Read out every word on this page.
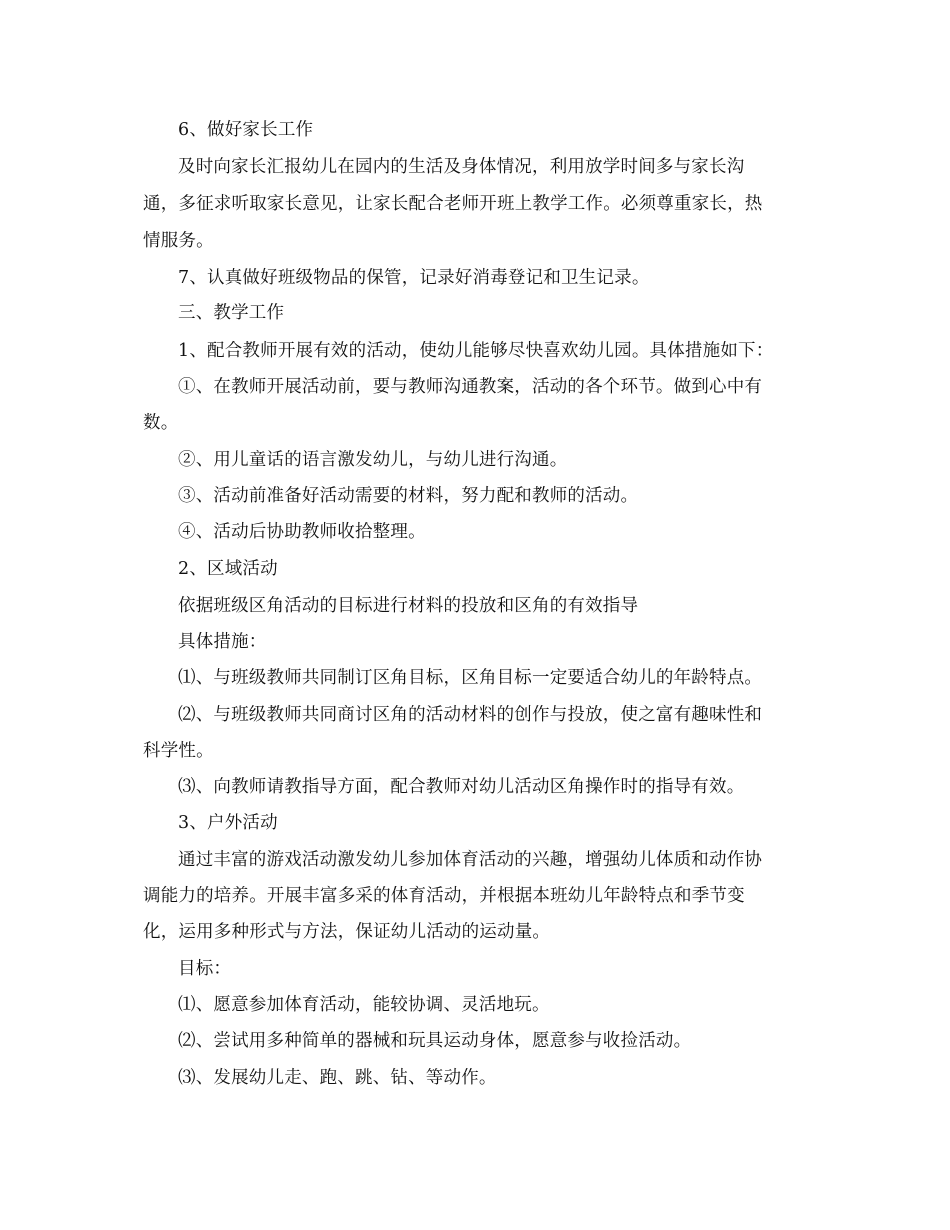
6、做好家长工作
及时向家长汇报幼儿在园内的生活及身体情况，利用放学时间多与家长沟
通，多征求听取家长意见，让家长配合老师开班上教学工作。必须尊重家长，热
情服务。
7、认真做好班级物品的保管，记录好消毒登记和卫生记录。
三、教学工作
1、配合教师开展有效的活动，使幼儿能够尽快喜欢幼儿园。具体措施如下：
①、在教师开展活动前，要与教师沟通教案，活动的各个环节。做到心中有
数。
②、用儿童话的语言激发幼儿，与幼儿进行沟通。
③、活动前准备好活动需要的材料，努力配和教师的活动。
④、活动后协助教师收拾整理。
2、区域活动
依据班级区角活动的目标进行材料的投放和区角的有效指导
具体措施：
⑴、与班级教师共同制订区角目标，区角目标一定要适合幼儿的年龄特点。
⑵、与班级教师共同商讨区角的活动材料的创作与投放，使之富有趣味性和
科学性。
⑶、向教师请教指导方面，配合教师对幼儿活动区角操作时的指导有效。
3、户外活动
通过丰富的游戏活动激发幼儿参加体育活动的兴趣，增强幼儿体质和动作协
调能力的培养。开展丰富多采的体育活动，并根据本班幼儿年龄特点和季节变
化，运用多种形式与方法，保证幼儿活动的运动量。
目标：
⑴、愿意参加体育活动，能较协调、灵活地玩。
⑵、尝试用多种简单的器械和玩具运动身体，愿意参与收捡活动。
⑶、发展幼儿走、跑、跳、钻、等动作。
